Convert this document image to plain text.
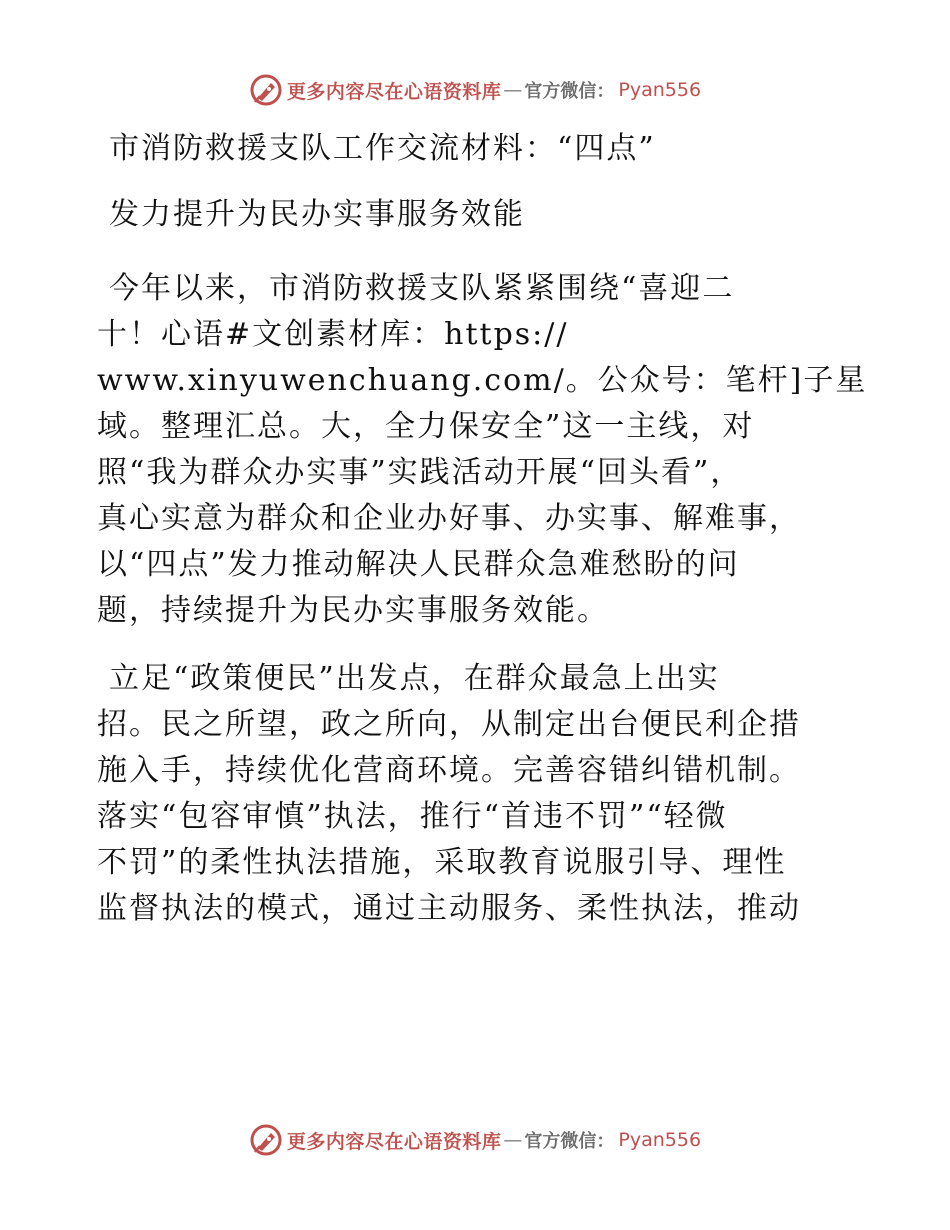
更多内容尽在心语资料库 — 官方微信： Pyan556
市消防救援支队工作交流材料：“四点”
发力提升为民办实事服务效能
今年以来，市消防救援支队紧紧围绕“喜迎二
十！心语#文创素材库：https://
www.xinyuwenchuang.com/。公众号：笔杆]子星
域。整理汇总。大，全力保安全”这一主线，对
照“我为群众办实事”实践活动开展“回头看”，
真心实意为群众和企业办好事、办实事、解难事，
以“四点”发力推动解决人民群众急难愁盼的问
题，持续提升为民办实事服务效能。
立足“政策便民”出发点，在群众最急上出实
招。民之所望，政之所向，从制定出台便民利企措
施入手，持续优化营商环境。完善容错纠错机制。
落实“包容审慎”执法，推行“首违不罚”“轻微
不罚”的柔性执法措施，采取教育说服引导、理性
监督执法的模式，通过主动服务、柔性执法，推动
更多内容尽在心语资料库 — 官方微信： Pyan556
